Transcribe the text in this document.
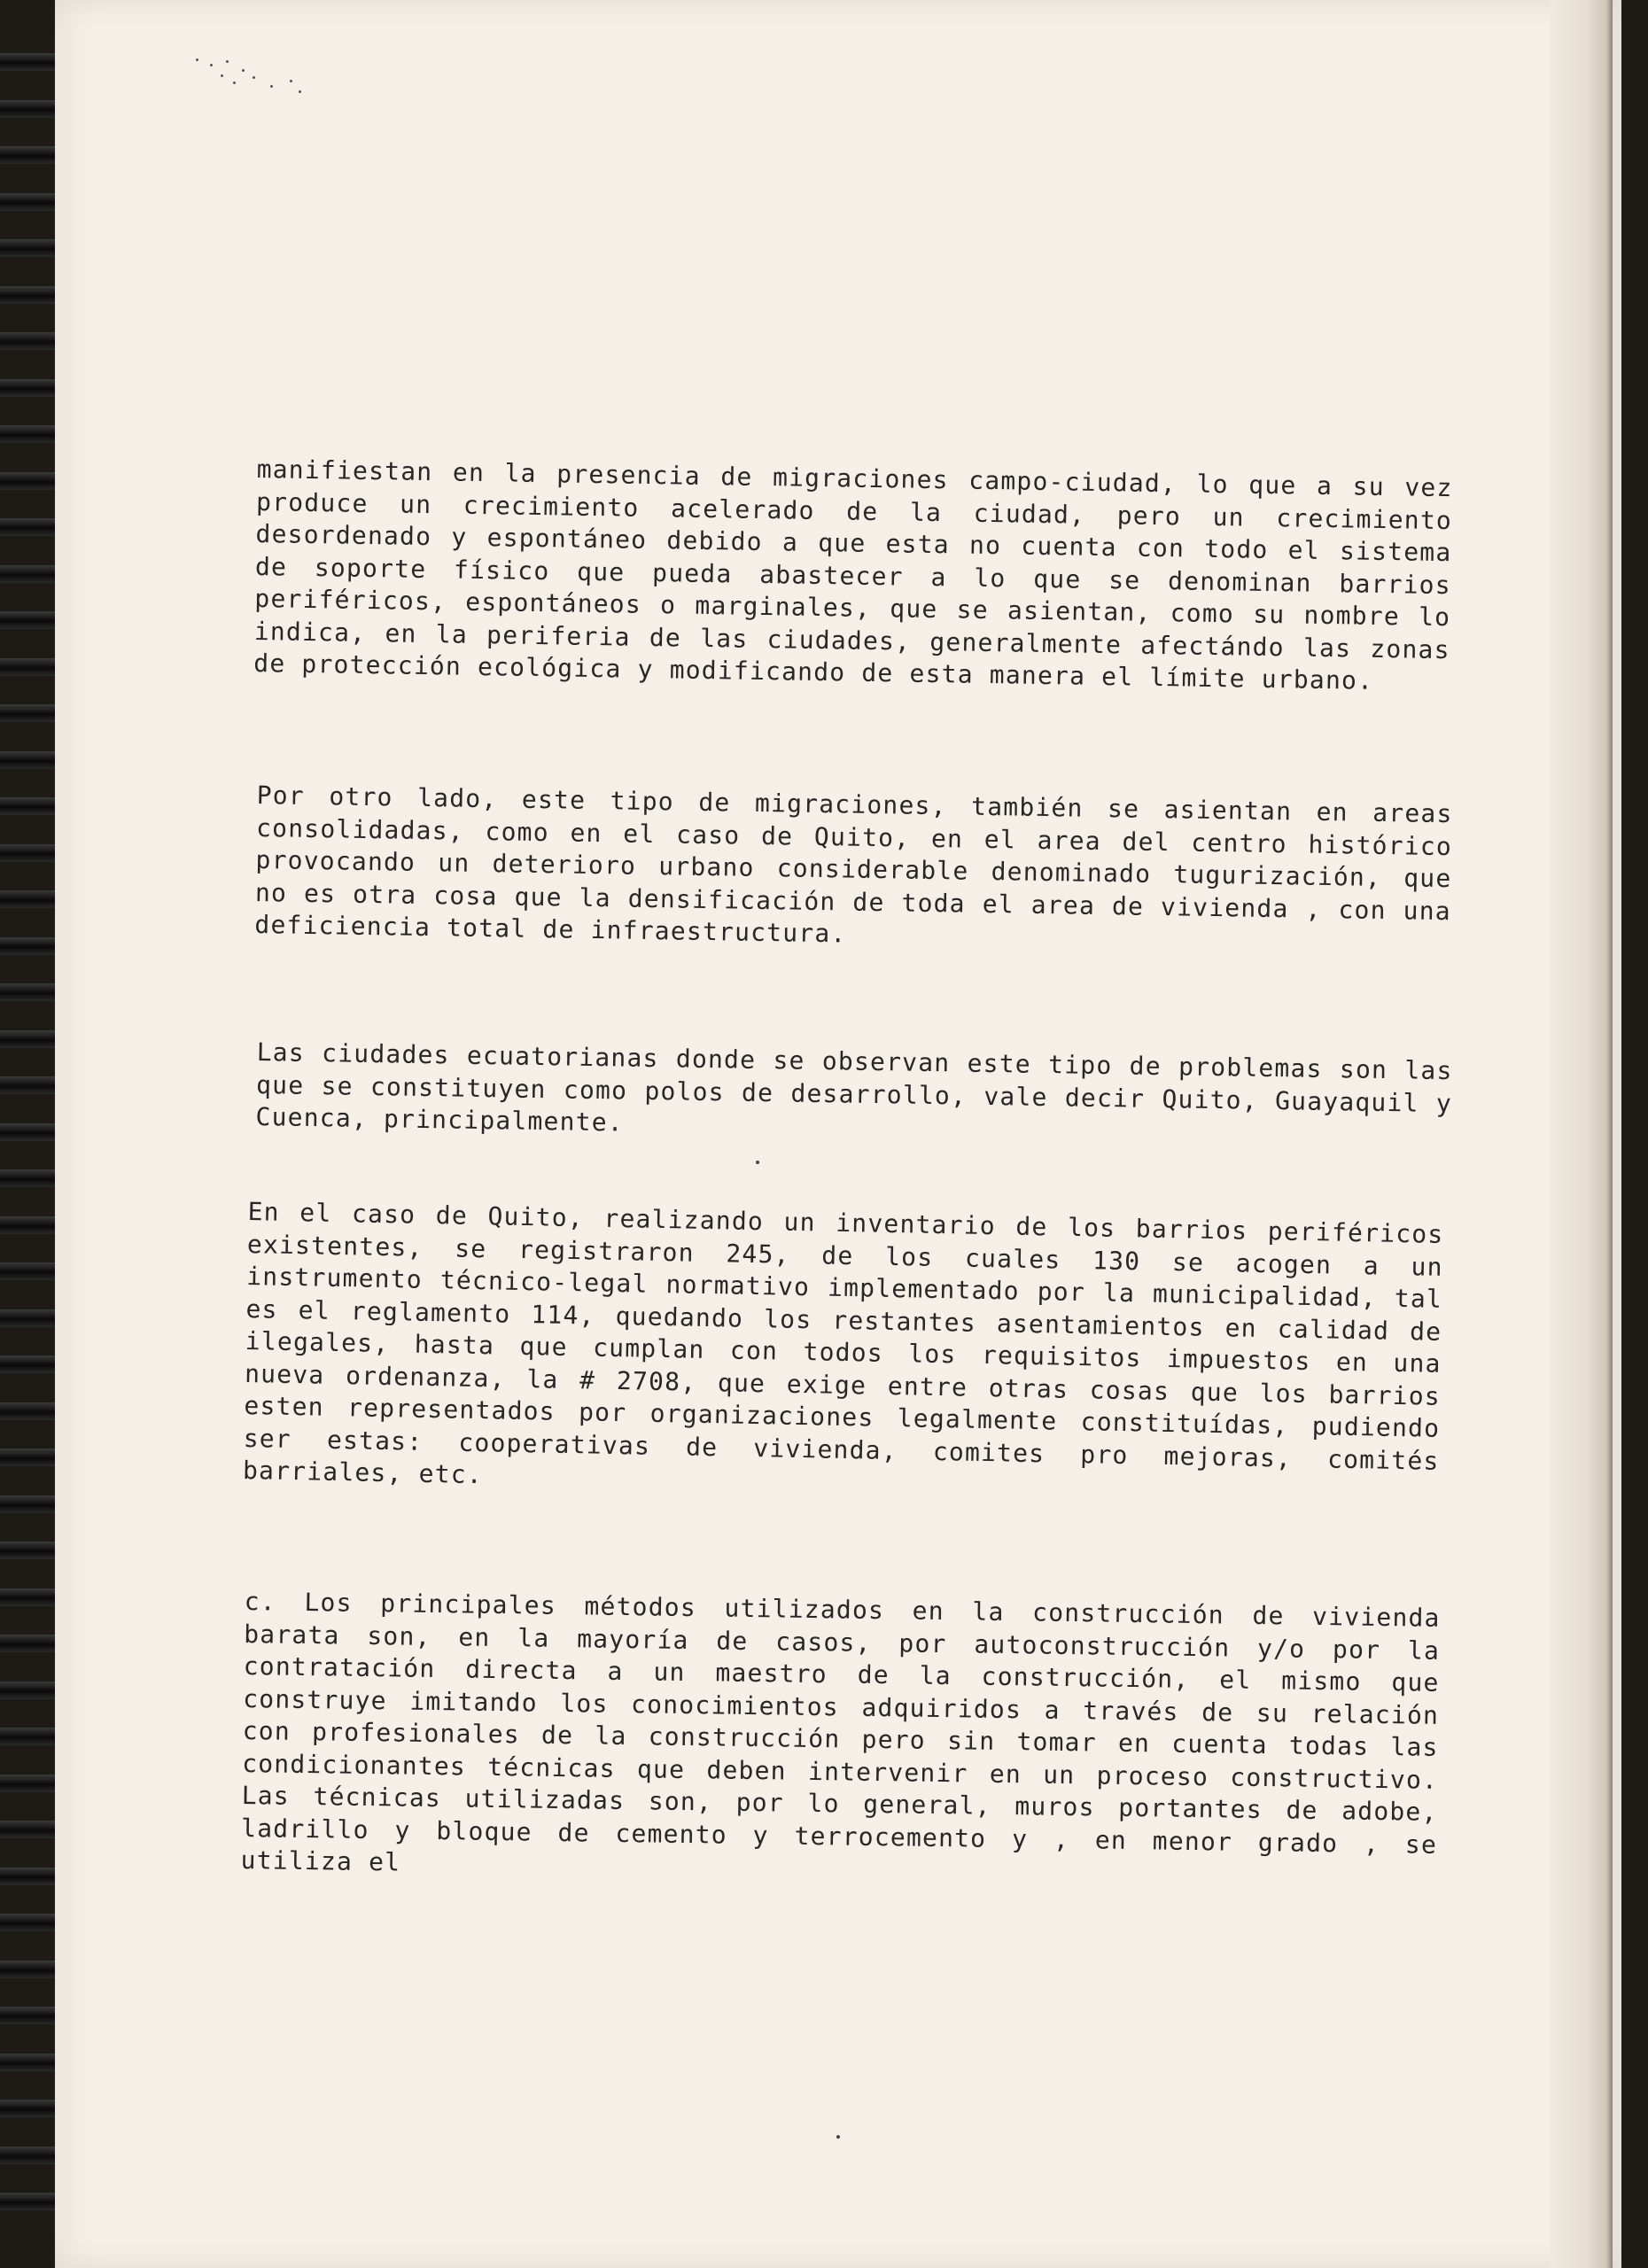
manifiestan en la presencia de migraciones campo-ciudad, lo que a su vez produce un crecimiento acelerado de la ciudad, pero un crecimiento desordenado y espontáneo debido a que esta no cuenta con todo el sistema de soporte físico que pueda abastecer a lo que se denominan barrios periféricos, espontáneos o marginales, que se asientan, como su nombre lo indica, en la periferia de las ciudades, generalmente afectándo las zonas de protección ecológica y modificando de esta manera el límite urbano.

Por otro lado, este tipo de migraciones, también se asientan en areas consolidadas, como en el caso de Quito, en el area del centro histórico provocando un deterioro urbano considerable denominado tugurización, que no es otra cosa que la densificación de toda el area de vivienda , con una deficiencia total de infraestructura.

Las ciudades ecuatorianas donde se observan este tipo de problemas son las que se constituyen como polos de desarrollo, vale decir Quito, Guayaquil y Cuenca, principalmente.

En el caso de Quito, realizando un inventario de los barrios periféricos existentes, se registraron 245, de los cuales 130 se acogen a un instrumento técnico-legal normativo implementado por la municipalidad, tal es el reglamento 114, quedando los restantes asentamientos en calidad de ilegales, hasta que cumplan con todos los requisitos impuestos en una nueva ordenanza, la # 2708, que exige entre otras cosas que los barrios esten representados por organizaciones legalmente constituídas, pudiendo ser estas: cooperativas de vivienda, comites pro mejoras, comités barriales, etc.

c. Los principales métodos utilizados en la construcción de vivienda barata son, en la mayoría de casos, por autoconstrucción y/o por la contratación directa a un maestro de la construcción, el mismo que construye imitando los conocimientos adquiridos a través de su relación con profesionales de la construcción pero sin tomar en cuenta todas las condicionantes técnicas que deben intervenir en un proceso constructivo. Las técnicas utilizadas son, por lo general, muros portantes de adobe, ladrillo y bloque de cemento y terrocemento y , en menor grado , se utiliza el
